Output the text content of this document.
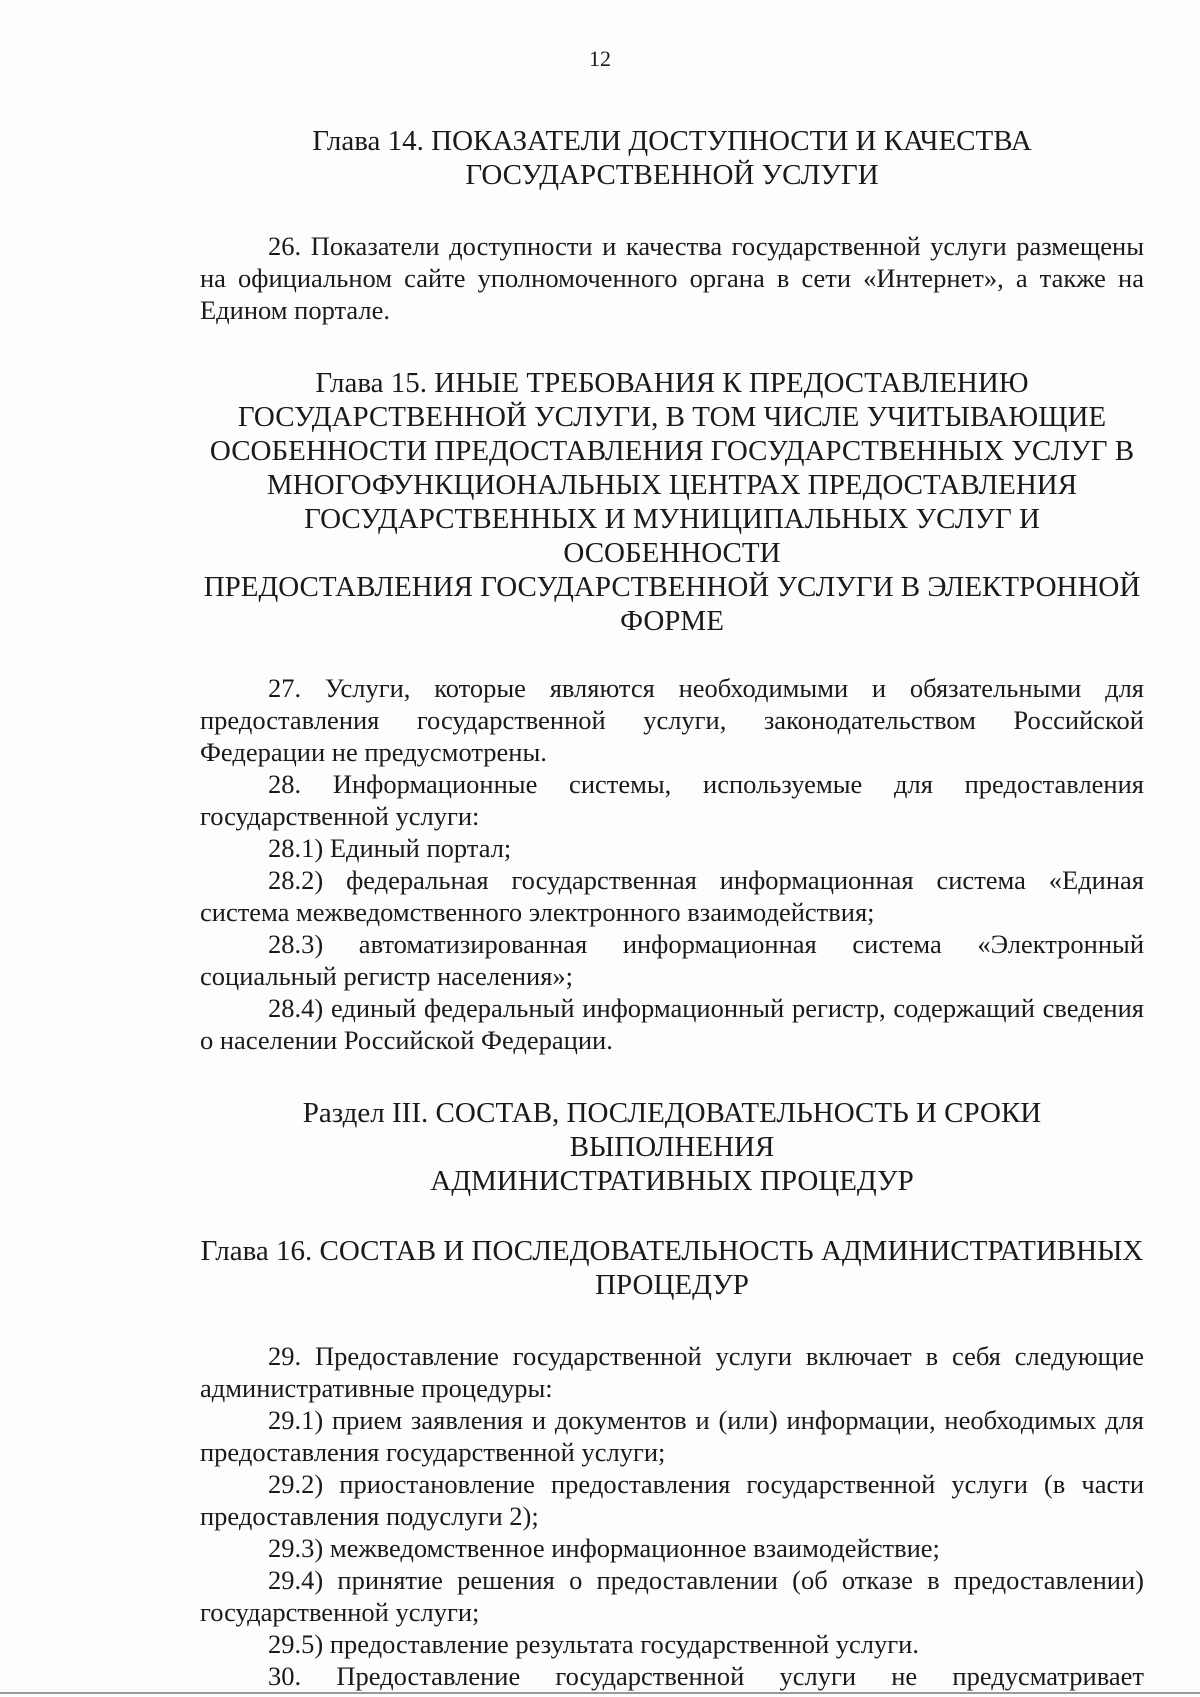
12
Глава 14. ПОКАЗАТЕЛИ ДОСТУПНОСТИ И КАЧЕСТВА
ГОСУДАРСТВЕННОЙ УСЛУГИ

26. Показатели доступности и качества государственной услуги размещены на официальном сайте уполномоченного органа в сети «Интернет», а также на Едином портале.

Глава 15. ИНЫЕ ТРЕБОВАНИЯ К ПРЕДОСТАВЛЕНИЮ
ГОСУДАРСТВЕННОЙ УСЛУГИ, В ТОМ ЧИСЛЕ УЧИТЫВАЮЩИЕ
ОСОБЕННОСТИ ПРЕДОСТАВЛЕНИЯ ГОСУДАРСТВЕННЫХ УСЛУГ В
МНОГОФУНКЦИОНАЛЬНЫХ ЦЕНТРАХ ПРЕДОСТАВЛЕНИЯ
ГОСУДАРСТВЕННЫХ И МУНИЦИПАЛЬНЫХ УСЛУГ И ОСОБЕННОСТИ
ПРЕДОСТАВЛЕНИЯ ГОСУДАРСТВЕННОЙ УСЛУГИ В ЭЛЕКТРОННОЙ
ФОРМЕ

27. Услуги, которые являются необходимыми и обязательными для предоставления государственной услуги, законодательством Российской Федерации не предусмотрены.

28. Информационные системы, используемые для предоставления государственной услуги:

28.1) Единый портал;

28.2) федеральная государственная информационная система «Единая система межведомственного электронного взаимодействия;

28.3) автоматизированная информационная система «Электронный социальный регистр населения»;

28.4) единый федеральный информационный регистр, содержащий сведения о населении Российской Федерации.

Раздел III. СОСТАВ, ПОСЛЕДОВАТЕЛЬНОСТЬ И СРОКИ ВЫПОЛНЕНИЯ
АДМИНИСТРАТИВНЫХ ПРОЦЕДУР
Глава 16. СОСТАВ И ПОСЛЕДОВАТЕЛЬНОСТЬ АДМИНИСТРАТИВНЫХ
ПРОЦЕДУР

29. Предоставление государственной услуги включает в себя следующие административные процедуры:

29.1) прием заявления и документов и (или) информации, необходимых для предоставления государственной услуги;

29.2) приостановление предоставления государственной услуги (в части предоставления подуслуги 2);

29.3) межведомственное информационное взаимодействие;

29.4) принятие решения о предоставлении (об отказе в предоставлении) государственной услуги;

29.5) предоставление результата государственной услуги.

30. Предоставление государственной услуги не предусматривает
